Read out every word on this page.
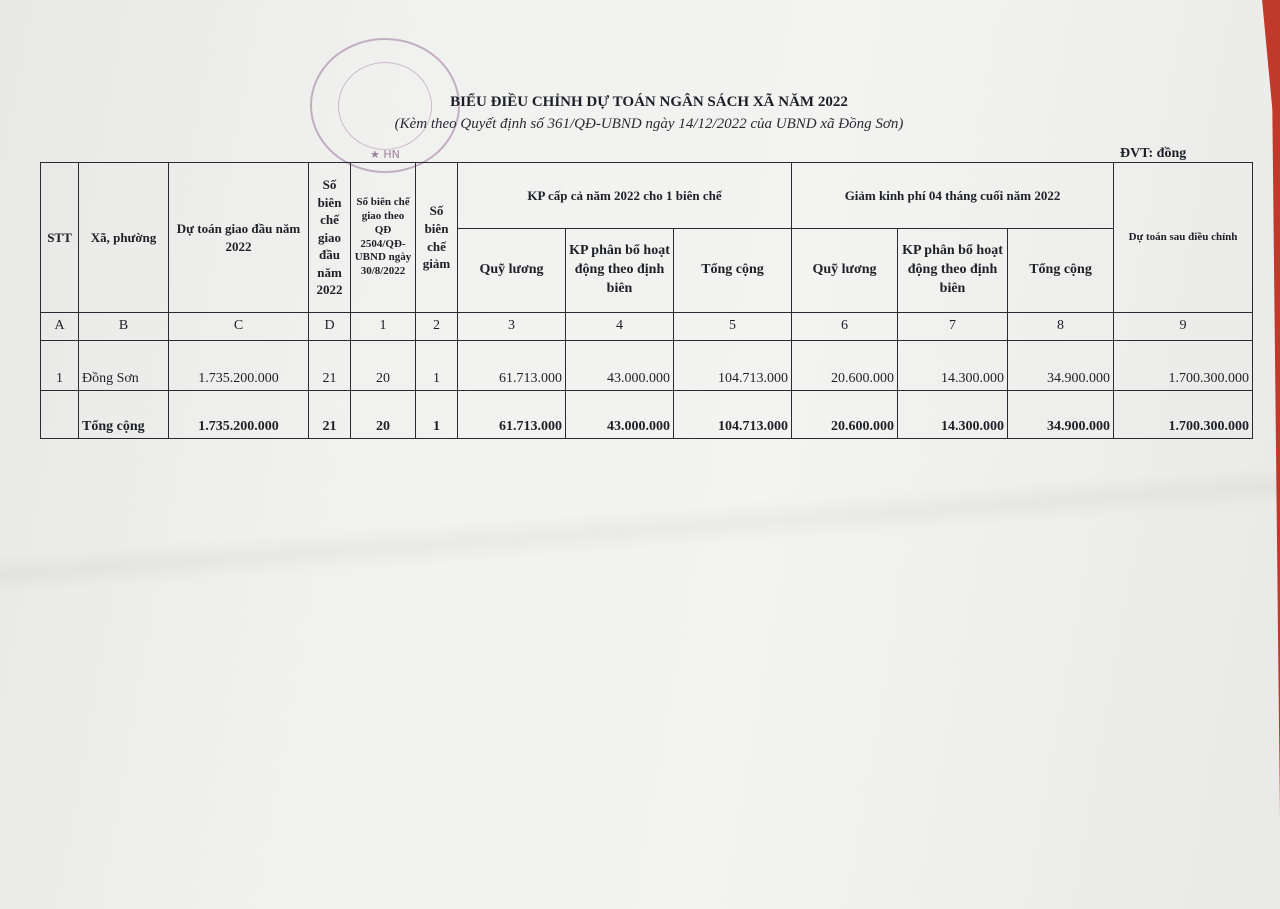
★ HN
BIỂU ĐIỀU CHỈNH DỰ TOÁN NGÂN SÁCH XÃ NĂM 2022
(Kèm theo Quyết định số 361/QĐ-UBND ngày 14/12/2022 của UBND xã Đồng Sơn)
ĐVT: đồng
STT	Xã, phường	Dự toán giao đầu năm 2022	Số biên chế giao đầu năm 2022	Số biên chế giao theo QĐ 2504/QĐ-UBND ngày 30/8/2022	Số biên chế giảm	KP cấp cả năm 2022 cho 1 biên chế			Giảm kinh phí 04 tháng cuối năm 2022			Dự toán sau điều chỉnh
						Quỹ lương	KP phân bổ hoạt động theo định biên	Tổng cộng	Quỹ lương	KP phân bổ hoạt động theo định biên	Tổng cộng	
A	B	C	D	1	2	3	4	5	6	7	8	9
1	Đồng Sơn	1.735.200.000	21	20	1	61.713.000	43.000.000	104.713.000	20.600.000	14.300.000	34.900.000	1.700.300.000
	Tổng cộng	1.735.200.000	21	20	1	61.713.000	43.000.000	104.713.000	20.600.000	14.300.000	34.900.000	1.700.300.000
